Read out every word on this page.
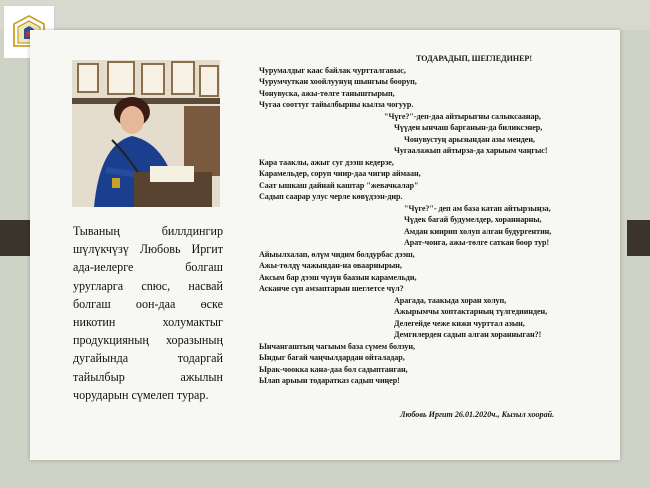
Тываның биллдингир шүлүкчүзү Любовь Иргит ада-иелерге болгаш уругларга сnюс, насвай болгаш оон-даа өске никотин холумактыг продукцияның хоразының дугайында тодаргай тайылбыр ажылын чорударын сүмелеп турар.
ТОДАРАДЫП, ШЕГЛЕДИНЕР!
Чурумалдыг каас байлак чуртталгавыс,
Чурумчуткан хоойлуунуң шынгыы бооруп,
Чонувуска, ажы-төлге таныштырып,
Чугаа сооттуг тайылбырны кылза чогуур.
"Чүге?"-деп-даа айтырыгны салыксаанар,
Чүүден ынчаш барганын-да биликсэнер,
Чонувустуң арызындан азы менден,
Чугаалажып айтырза-да харыым чаңгыс!
Кара тааклы, ажыг суг дээш кедерзе,
Карамельдер, соруп чиир-даа чигир аймаан,
Саат ышкаш дайнай каштар "жевачкалар"
Садып саарар улус черле көвүдээн-дир.
"Чүге?"- деп ам база катап айтырзыңза,
Чүдек багай будумелдер, хораннарны,
Амдан киирип холуп алган будургентин,
Арат-чонга, ажы-төлге саткан боор тур!
Айыылхалап, өлүм чидим болдурбас дээш,
Ажы-төлдү чажындан-на оваарнырын,
Аксым бар дээш чүзүн баазын карамельди,
Асканче сүп амзаптарын шеглетсе чүл?
Арагада, таакыда хоран холуп,
Ажырымчы хоптактарның түлгедиинден,
Делегейде чеже кижи чурттал азын,
Демгилерден садып алган хоранныган?!
Ынчангаштың чагыым база сүмем болзун,
Ындыг багай чаңчылдардан ойталадар,
Ырак-чоокка кана-даа бол садыптанган,
Ылап арыын тодаратказ садып чиңер!
Любовь Иргит 26.01.2020ч., Кызыл хоорай.
